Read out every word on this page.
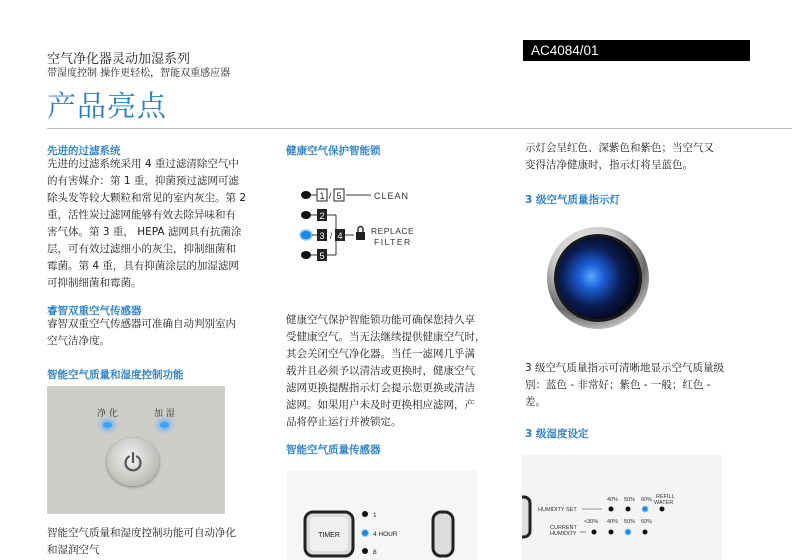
空气净化器灵动加湿系列
带湿度控制 操作更轻松，智能双重感应器
AC4084/01
产品亮点
先进的过滤系统
先进的过滤系统采用 4 重过滤清除空气中
的有害媒介：第 1 重，抑菌预过滤网可滤
除头发等较大颗粒和常见的室内灰尘。第 2
重，活性炭过滤网能够有效去除异味和有
害气体。第 3 重， HEPA 滤网具有抗菌涂
层，可有效过滤细小的灰尘，抑制细菌和
霉菌。第 4 重，具有抑菌涂层的加湿滤网
可抑制细菌和霉菌。
睿智双重空气传感器
睿智双重空气传感器可准确自动判别室内
空气洁净度。
智能空气质量和湿度控制功能
净 化	加 湿
智能空气质量和湿度控制功能可自动净化
和湿润空气
健康空气保护智能锁
1 / 5	CLEAN
2
3 / 4	REPLACE
FILTER
5
健康空气保护智能锁功能可确保您持久享
受健康空气。当无法继续提供健康空气时，
其会关闭空气净化器。当任一滤网几乎满
载并且必须予以清洁或更换时，健康空气
滤网更换提醒指示灯会提示您更换或清洁
滤网。如果用户未及时更换相应滤网，产
品将停止运行并被锁定。
智能空气质量传感器
TIMER
1
4 HOUR
8
示灯会呈红色、深紫色和紫色；当空气又
变得洁净健康时，指示灯将呈蓝色。
3 级空气质量指示灯
3 级空气质量指示可清晰地显示空气质量级
别：蓝色 - 非常好；紫色 - 一般；红色 -
差。
3 级湿度设定
REFILL
WATER
40% 50% 60%
HUMIDITY SET
<30% 40% 50% 60%
CURRENT
HUMIDITY
